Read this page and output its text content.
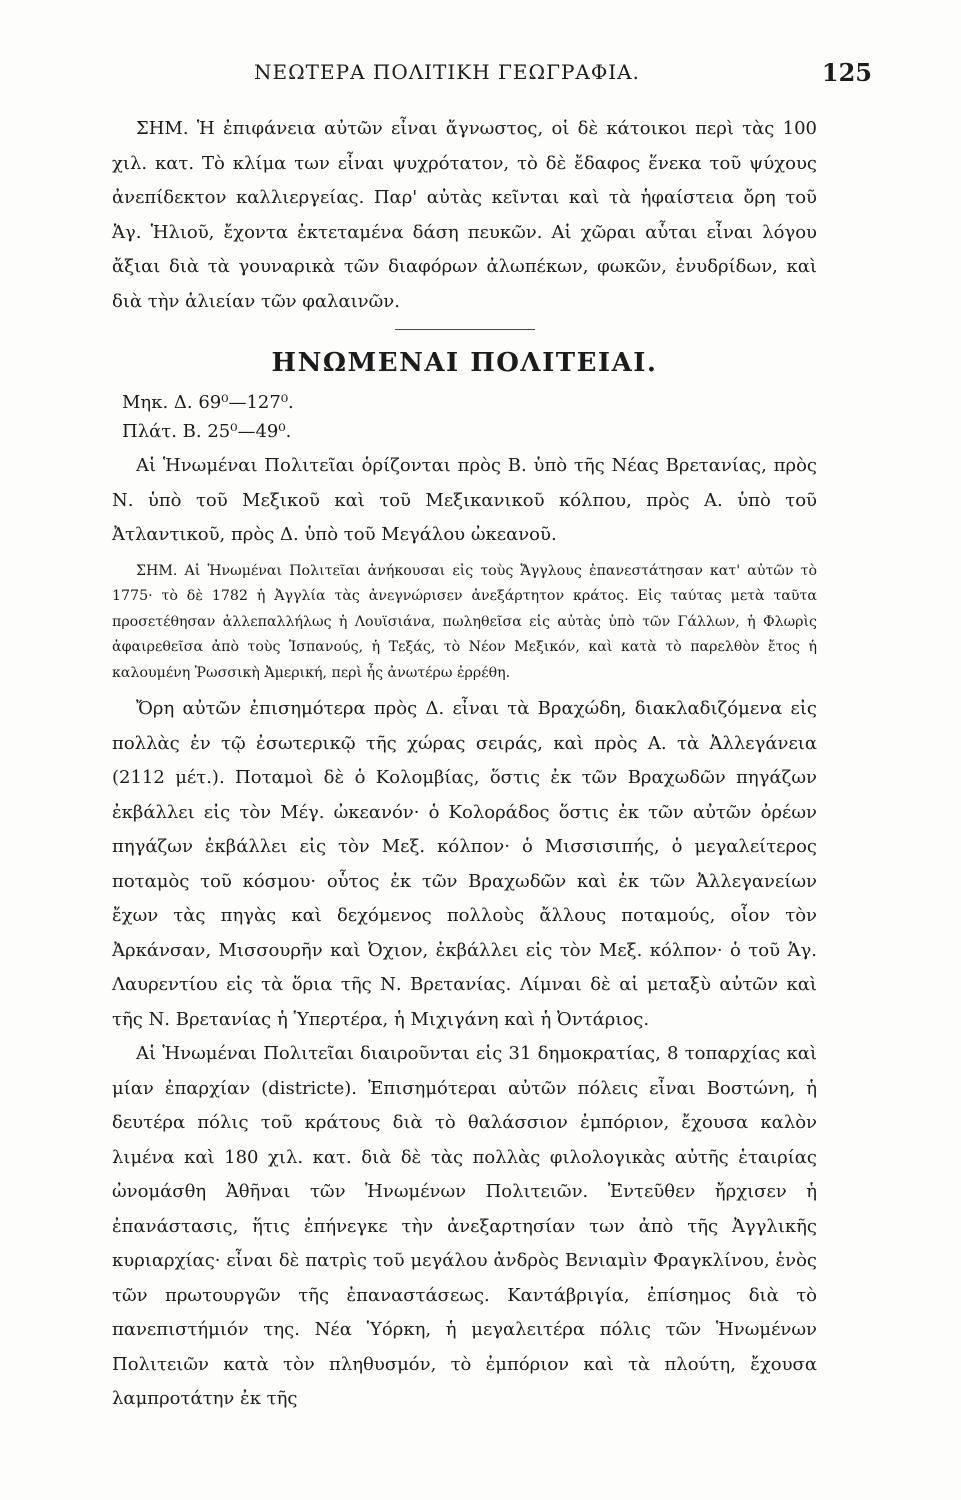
ΝΕΩΤΕΡΑ ΠΟΛΙΤΙΚΗ ΓΕΩΓΡΑΦΙΑ.	125

ΣΗΜ. Ἡ ἐπιφάνεια αὐτῶν εἶναι ἄγνωστος, οἱ δὲ κάτοικοι περὶ τὰς 100 χιλ. κατ. Τὸ κλίμα των εἶναι ψυχρότατον, τὸ δὲ ἔδαφος ἕνεκα τοῦ ψύχους ἀνεπίδεκτον καλλιεργείας. Παρ' αὐτὰς κεῖνται καὶ τὰ ἡφαίστεια ὄρη τοῦ Ἁγ. Ἡλιοῦ, ἔχοντα ἐκτεταμένα δάση πευκῶν. Αἱ χῶραι αὗται εἶναι λόγου ἄξιαι διὰ τὰ γουναρικὰ τῶν διαφόρων ἀλωπέκων, φωκῶν, ἐνυδρίδων, καὶ διὰ τὴν ἁλιείαν τῶν φαλαινῶν.

ΗΝΩΜΕΝΑΙ ΠΟΛΙΤΕΙΑΙ.
Μηκ. Δ. 69⁰—127⁰.
Πλάτ. Β. 25⁰—49⁰.

Αἱ Ἡνωμέναι Πολιτεῖαι ὁρίζονται πρὸς Β. ὑπὸ τῆς Νέας Βρετανίας, πρὸς Ν. ὑπὸ τοῦ Μεξικοῦ καὶ τοῦ Μεξικανικοῦ κόλπου, πρὸς Α. ὑπὸ τοῦ Ἀτλαντικοῦ, πρὸς Δ. ὑπὸ τοῦ Μεγάλου ὠκεανοῦ.

ΣΗΜ. Αἱ Ἡνωμέναι Πολιτεῖαι ἀνήκουσαι εἰς τοὺς Ἄγγλους ἐπανεστάτησαν κατ' αὐτῶν τὸ 1775· τὸ δὲ 1782 ἡ Ἀγγλία τὰς ἀνεγνώρισεν ἀνεξάρτητον κράτος. Εἰς ταύτας μετὰ ταῦτα προσετέθησαν ἀλλεπαλλήλως ἡ Λουϊσιάνα, πωληθεῖσα εἰς αὐτὰς ὑπὸ τῶν Γάλλων, ἡ Φλωρὶς ἀφαιρεθεῖσα ἀπὸ τοὺς Ἱσπανούς, ἡ Τεξάς, τὸ Νέον Μεξικόν, καὶ κατὰ τὸ παρελθὸν ἔτος ἡ καλουμένη Ῥωσσικὴ Ἀμερική, περὶ ἧς ἀνωτέρω ἐρρέθη.

Ὄρη αὐτῶν ἐπισημότερα πρὸς Δ. εἶναι τὰ Βραχώδη, διακλαδιζόμενα εἰς πολλὰς ἐν τῷ ἐσωτερικῷ τῆς χώρας σειράς, καὶ πρὸς Α. τὰ Ἀλλεγάνεια (2112 μέτ.). Ποταμοὶ δὲ ὁ Κολομβίας, ὅστις ἐκ τῶν Βραχωδῶν πηγάζων ἐκβάλλει εἰς τὸν Μέγ. ὠκεανόν· ὁ Κολοράδος ὅστις ἐκ τῶν αὐτῶν ὀρέων πηγάζων ἐκβάλλει εἰς τὸν Μεξ. κόλπον· ὁ Μισσισιπής, ὁ μεγαλείτερος ποταμὸς τοῦ κόσμου· οὗτος ἐκ τῶν Βραχωδῶν καὶ ἐκ τῶν Ἀλλεγανείων ἔχων τὰς πηγὰς καὶ δεχόμενος πολλοὺς ἄλλους ποταμούς, οἷον τὸν Ἀρκάνσαν, Μισσουρῆν καὶ Ὀχιον, ἐκβάλλει εἰς τὸν Μεξ. κόλπον· ὁ τοῦ Ἁγ. Λαυρεντίου εἰς τὰ ὅρια τῆς Ν. Βρετανίας. Λίμναι δὲ αἱ μεταξὺ αὐτῶν καὶ τῆς Ν. Βρετανίας ἡ Ὑπερτέρα, ἡ Μιχιγάνη καὶ ἡ Ὀντάριος.

Αἱ Ἡνωμέναι Πολιτεῖαι διαιροῦνται εἰς 31 δημοκρατίας, 8 τοπαρχίας καὶ μίαν ἐπαρχίαν (districte). Ἐπισημότεραι αὐτῶν πόλεις εἶναι Βοστώνη, ἡ δευτέρα πόλις τοῦ κράτους διὰ τὸ θαλάσσιον ἐμπόριον, ἔχουσα καλὸν λιμένα καὶ 180 χιλ. κατ. διὰ δὲ τὰς πολλὰς φιλολογικὰς αὐτῆς ἑταιρίας ὠνομάσθη Ἀθῆναι τῶν Ἡνωμένων Πολιτειῶν. Ἐντεῦθεν ἤρχισεν ἡ ἐπανάστασις, ἥτις ἐπήνεγκε τὴν ἀνεξαρτησίαν των ἀπὸ τῆς Ἀγγλικῆς κυριαρχίας· εἶναι δὲ πατρὶς τοῦ μεγάλου ἀνδρὸς Βενιαμὶν Φραγκλίνου, ἑνὸς τῶν πρωτουργῶν τῆς ἐπαναστάσεως. Καντάβριγία, ἐπίσημος διὰ τὸ πανεπιστήμιόν της. Νέα Ὑόρκη, ἡ μεγαλειτέρα πόλις τῶν Ἡνωμένων Πολιτειῶν κατὰ τὸν πληθυσμόν, τὸ ἐμπόριον καὶ τὰ πλούτη, ἔχουσα λαμπροτάτην ἐκ τῆς
